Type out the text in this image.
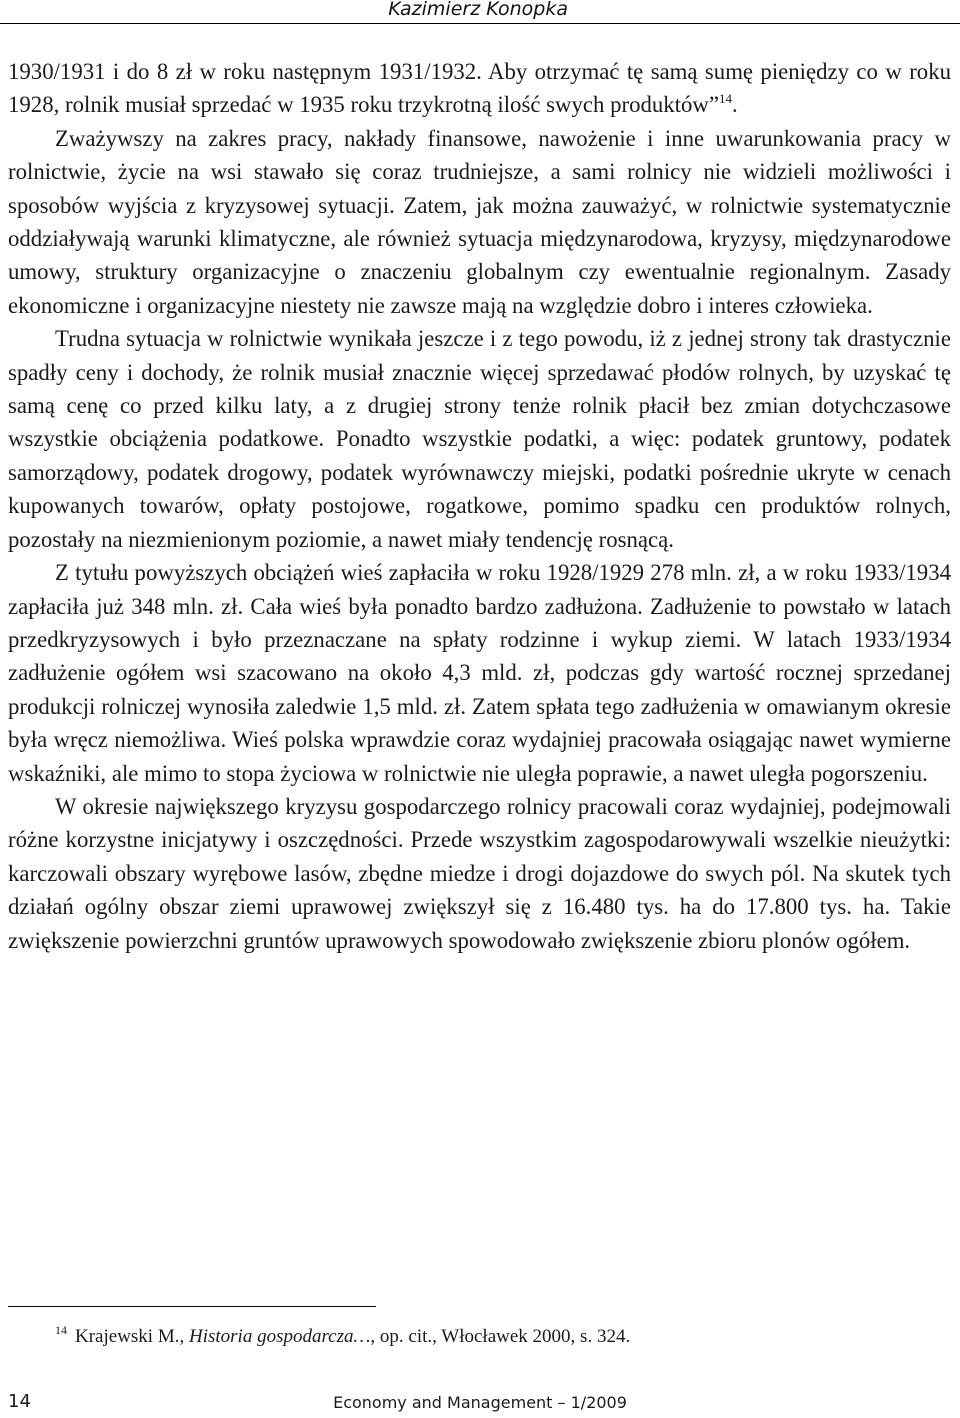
Kazimierz Konopka

1930/1931 i do 8 zł w roku następnym 1931/1932. Aby otrzymać tę samą sumę pieniędzy co w roku 1928, rolnik musiał sprzedać w 1935 roku trzykrotną ilość swych produktów”$^{14}$.

Zważywszy na zakres pracy, nakłady finansowe, nawożenie i inne uwarunkowania pracy w rolnictwie, życie na wsi stawało się coraz trudniejsze, a sami rolnicy nie widzieli możliwości i sposobów wyjścia z kryzysowej sytuacji. Zatem, jak można zauważyć, w rolnictwie systematycznie oddziaływają warunki klimatyczne, ale również sytuacja międzynarodowa, kryzysy, międzynarodowe umowy, struktury organizacyjne o znaczeniu globalnym czy ewentualnie regionalnym. Zasady ekonomiczne i organizacyjne niestety nie zawsze mają na względzie dobro i interes człowieka.

Trudna sytuacja w rolnictwie wynikała jeszcze i z tego powodu, iż z jednej strony tak drastycznie spadły ceny i dochody, że rolnik musiał znacznie więcej sprzedawać płodów rolnych, by uzyskać tę samą cenę co przed kilku laty, a z drugiej strony tenże rolnik płacił bez zmian dotychczasowe wszystkie obciążenia podatkowe. Ponadto wszystkie podatki, a więc: podatek gruntowy, podatek samorządowy, podatek drogowy, podatek wyrównawczy miejski, podatki pośrednie ukryte w cenach kupowanych towarów, opłaty postojowe, rogatkowe, pomimo spadku cen produktów rolnych, pozostały na niezmienionym poziomie, a nawet miały tendencję rosnącą.

Z tytułu powyższych obciążeń wieś zapłaciła w roku 1928/1929 278 mln. zł, a w roku 1933/1934 zapłaciła już 348 mln. zł. Cała wieś była ponadto bardzo zadłużona. Zadłużenie to powstało w latach przedkryzysowych i było przeznaczane na spłaty rodzinne i wykup ziemi. W latach 1933/1934 zadłużenie ogółem wsi szacowano na około 4,3 mld. zł, podczas gdy wartość rocznej sprzedanej produkcji rolniczej wynosiła zaledwie 1,5 mld. zł. Zatem spłata tego zadłużenia w omawianym okresie była wręcz niemożliwa. Wieś polska wprawdzie coraz wydajniej pracowała osiągając nawet wymierne wskaźniki, ale mimo to stopa życiowa w rolnictwie nie uległa poprawie, a nawet uległa pogorszeniu.

W okresie największego kryzysu gospodarczego rolnicy pracowali coraz wydajniej, podejmowali różne korzystne inicjatywy i oszczędności. Przede wszystkim zagospodarowywali wszelkie nieużytki: karczowali obszary wyrębowe lasów, zbędne miedze i drogi dojazdowe do swych pól. Na skutek tych działań ogólny obszar ziemi uprawowej zwiększył się z 16.480 tys. ha do 17.800 tys. ha. Takie zwiększenie powierzchni gruntów uprawowych spowodowało zwiększenie zbioru plonów ogółem.

$^{14}$ Krajewski M., Historia gospodarcza…, op. cit., Włocławek 2000, s. 324.
14	Economy and Management – 1/2009
